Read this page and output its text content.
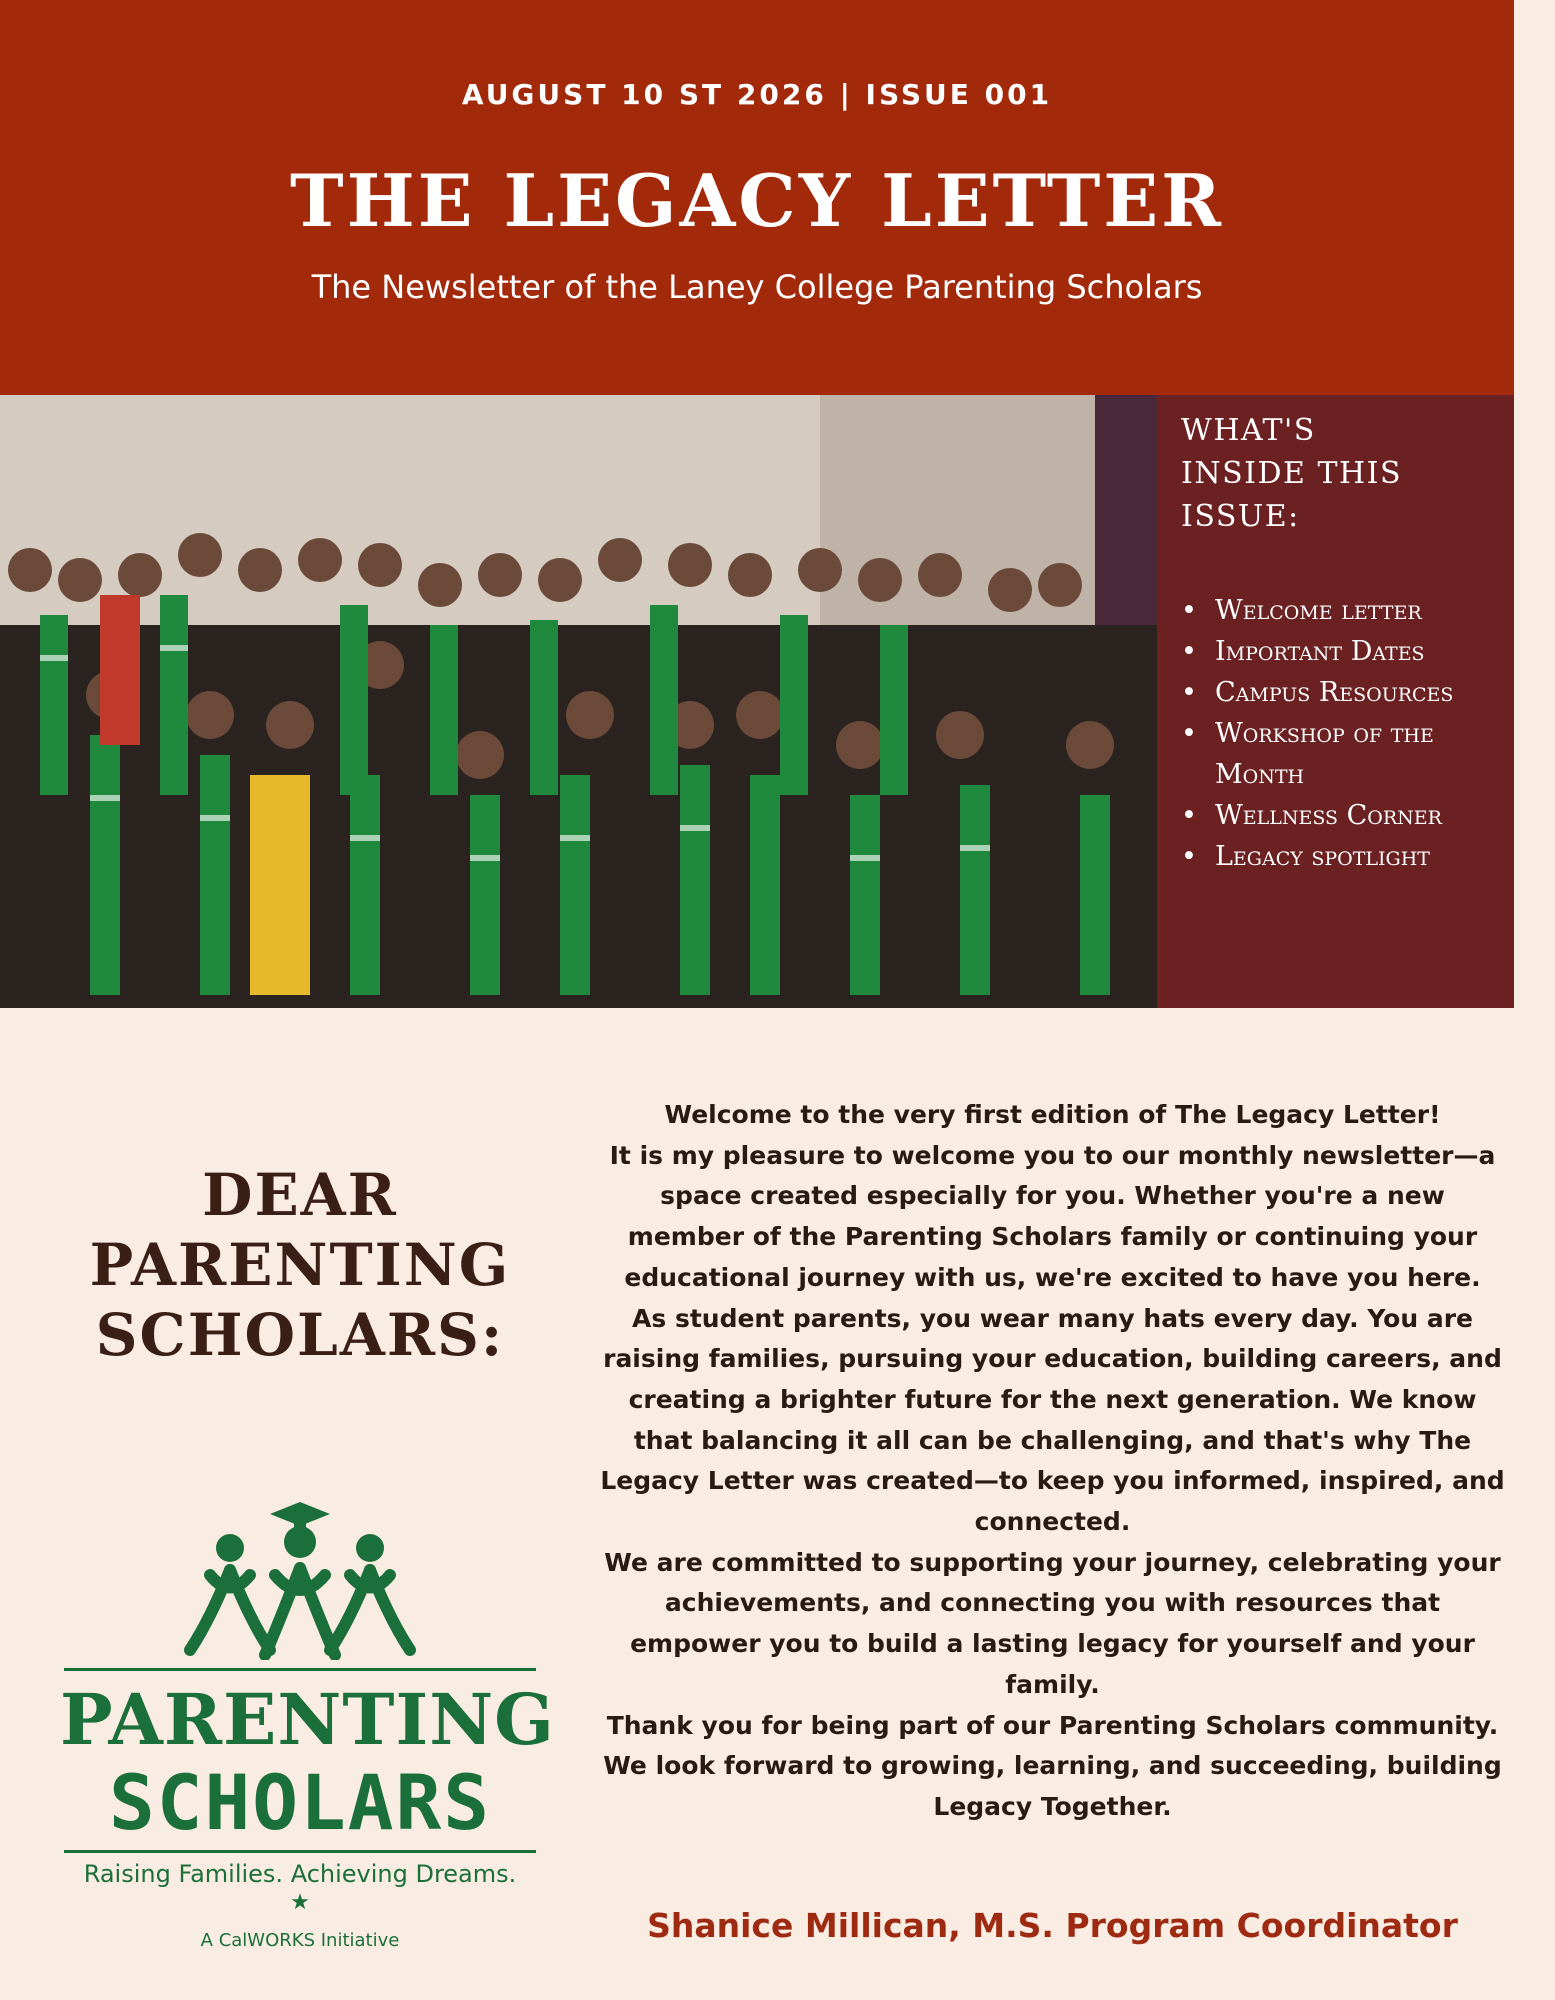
AUGUST 10 ST 2026 | ISSUE 001
THE LEGACY LETTER
The Newsletter of the Laney College Parenting Scholars
WHAT'S INSIDE THIS ISSUE:
• Welcome letter
• Important Dates
• Campus Resources
• Workshop of the Month
• Wellness Corner
• Legacy spotlight
DEAR PARENTING SCHOLARS:
PARENTING
SCHOLARS
Raising Families. Achieving Dreams.
★
A CalWORKS Initiative

Welcome to the very first edition of The Legacy Letter!

It is my pleasure to welcome you to our monthly newsletter—a space created especially for you. Whether you're a new member of the Parenting Scholars family or continuing your educational journey with us, we're excited to have you here.

As student parents, you wear many hats every day. You are raising families, pursuing your education, building careers, and creating a brighter future for the next generation. We know that balancing it all can be challenging, and that's why The Legacy Letter was created—to keep you informed, inspired, and connected.

We are committed to supporting your journey, celebrating your achievements, and connecting you with resources that empower you to build a lasting legacy for yourself and your family.

Thank you for being part of our Parenting Scholars community. We look forward to growing, learning, and succeeding, building Legacy Together.

Shanice Millican, M.S. Program Coordinator
